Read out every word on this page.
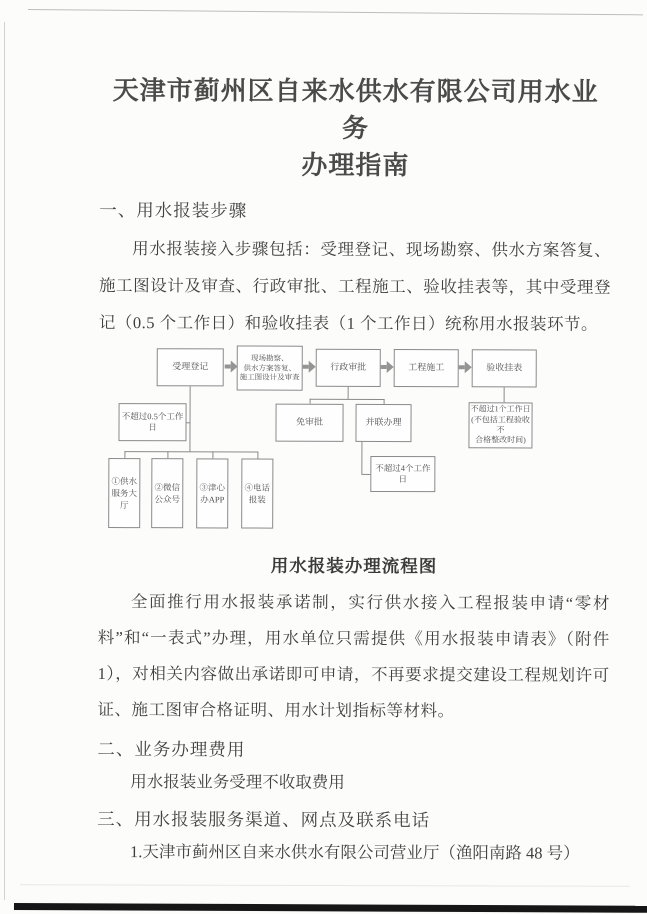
天津市蓟州区自来水供水有限公司用水业务
办理指南
一、用水报装步骤
用水报装接入步骤包括：受理登记、现场勘察、供水方案答复、施工图设计及审查、行政审批、工程施工、验收挂表等，其中受理登记（0.5 个工作日）和验收挂表（1 个工作日）统称用水报装环节。
受理登记
现场勘察、
供水方案答复、
施工图设计及审查
行政审批	工程施工	验收挂表
不超过0.5个工作日
①供水服务大厅
②微信公众号
③津心办APP
④电话报装
免审批	并联办理
不超过4个工作日
不超过1个工作日
(不包括工程验收不
合格整改时间)
用水报装办理流程图
全面推行用水报装承诺制，实行供水接入工程报装申请“零材料”和“一表式”办理，用水单位只需提供《用水报装申请表》（附件 1），对相关内容做出承诺即可申请，不再要求提交建设工程规划许可证、施工图审合格证明、用水计划指标等材料。
二、业务办理费用
用水报装业务受理不收取费用
三、用水报装服务渠道、网点及联系电话
1.天津市蓟州区自来水供水有限公司营业厅（渔阳南路 48 号）
